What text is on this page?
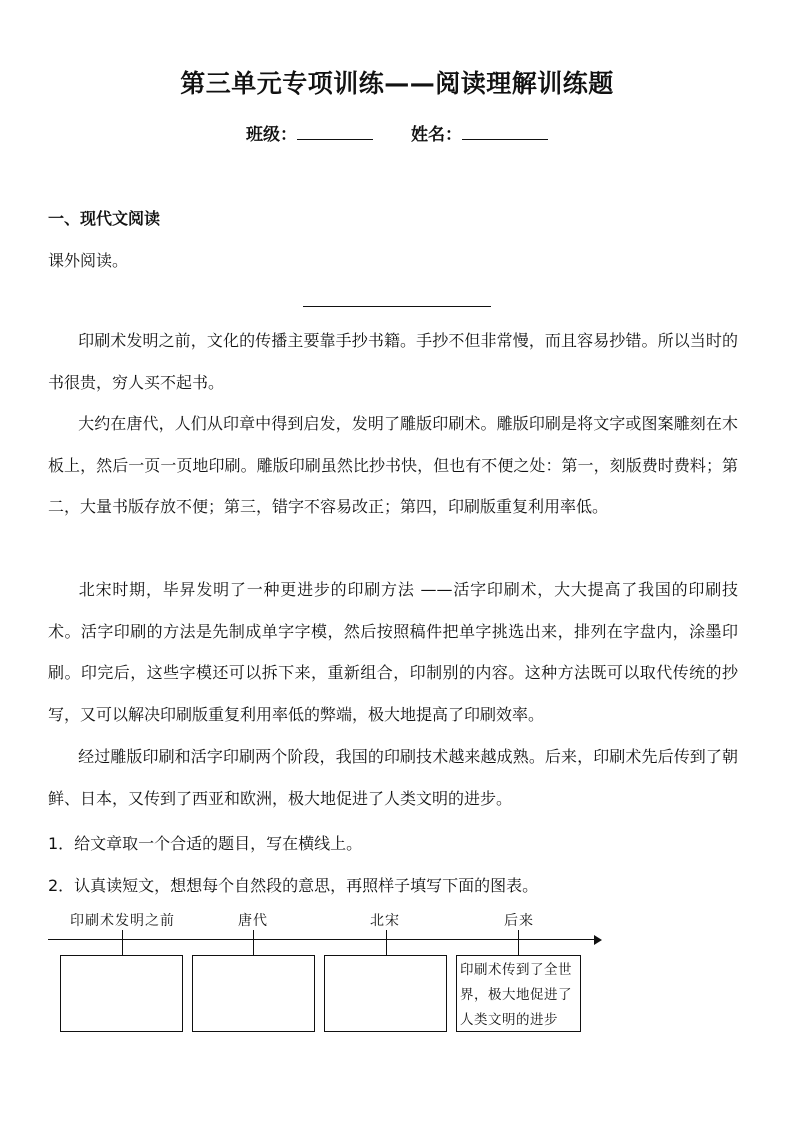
第三单元专项训练——阅读理解训练题
班级：	姓名：
一、现代文阅读
课外阅读。
印刷术发明之前，文化的传播主要靠手抄书籍。手抄不但非常慢，而且容易抄错。所以当时的书很贵，穷人买不起书。
大约在唐代，人们从印章中得到启发，发明了雕版印刷术。雕版印刷是将文字或图案雕刻在木板上，然后一页一页地印刷。雕版印刷虽然比抄书快，但也有不便之处：第一，刻版费时费料；第二，大量书版存放不便；第三，错字不容易改正；第四，印刷版重复利用率低。
北宋时期，毕昇发明了一种更进步的印刷方法 ——活字印刷术，大大提高了我国的印刷技术。活字印刷的方法是先制成单字字模，然后按照稿件把单字挑选出来，排列在字盘内，涂墨印刷。印完后，这些字模还可以拆下来，重新组合，印制别的内容。这种方法既可以取代传统的抄写，又可以解决印刷版重复利用率低的弊端，极大地提高了印刷效率。
经过雕版印刷和活字印刷两个阶段，我国的印刷技术越来越成熟。后来，印刷术先后传到了朝鲜、日本，又传到了西亚和欧洲，极大地促进了人类文明的进步。
1．给文章取一个合适的题目，写在横线上。
2．认真读短文，想想每个自然段的意思，再照样子填写下面的图表。
印刷术发明之前	唐代	北宋	后来
印刷术传到了全世
界，极大地促进了
人类文明的进步
